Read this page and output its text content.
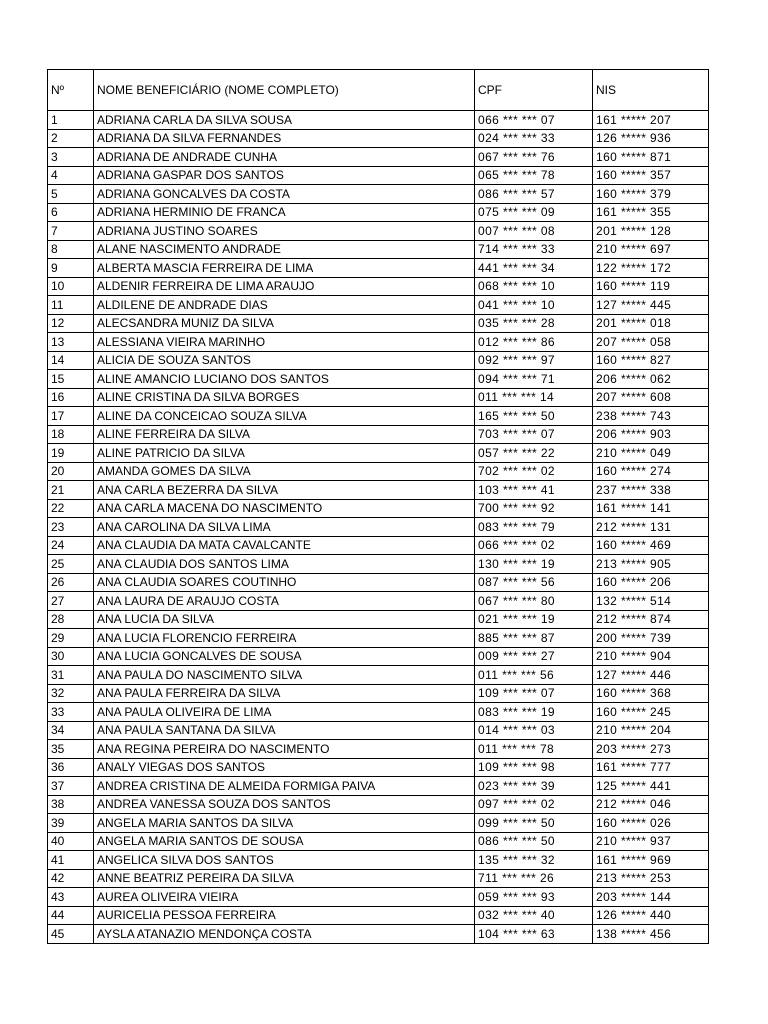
Nº	NOME BENEFICIÁRIO (NOME COMPLETO)	CPF	NIS
1	ADRIANA CARLA DA SILVA SOUSA	066 *** *** 07	161 ***** 207
2	ADRIANA DA SILVA FERNANDES	024 *** *** 33	126 ***** 936
3	ADRIANA DE ANDRADE CUNHA	067 *** *** 76	160 ***** 871
4	ADRIANA GASPAR DOS SANTOS	065 *** *** 78	160 ***** 357
5	ADRIANA GONCALVES DA COSTA	086 *** *** 57	160 ***** 379
6	ADRIANA HERMINIO DE FRANCA	075 *** *** 09	161 ***** 355
7	ADRIANA JUSTINO SOARES	007 *** *** 08	201 ***** 128
8	ALANE NASCIMENTO ANDRADE	714 *** *** 33	210 ***** 697
9	ALBERTA MASCIA FERREIRA DE LIMA	441 *** *** 34	122 ***** 172
10	ALDENIR FERREIRA DE LIMA ARAUJO	068 *** *** 10	160 ***** 119
11	ALDILENE DE ANDRADE DIAS	041 *** *** 10	127 ***** 445
12	ALECSANDRA MUNIZ DA SILVA	035 *** *** 28	201 ***** 018
13	ALESSIANA VIEIRA MARINHO	012 *** *** 86	207 ***** 058
14	ALICIA DE SOUZA SANTOS	092 *** *** 97	160 ***** 827
15	ALINE AMANCIO LUCIANO DOS SANTOS	094 *** *** 71	206 ***** 062
16	ALINE CRISTINA DA SILVA BORGES	011 *** *** 14	207 ***** 608
17	ALINE DA CONCEICAO SOUZA SILVA	165 *** *** 50	238 ***** 743
18	ALINE FERREIRA DA SILVA	703 *** *** 07	206 ***** 903
19	ALINE PATRICIO DA SILVA	057 *** *** 22	210 ***** 049
20	AMANDA GOMES DA SILVA	702 *** *** 02	160 ***** 274
21	ANA CARLA BEZERRA DA SILVA	103 *** *** 41	237 ***** 338
22	ANA CARLA MACENA DO NASCIMENTO	700 *** *** 92	161 ***** 141
23	ANA CAROLINA DA SILVA LIMA	083 *** *** 79	212 ***** 131
24	ANA CLAUDIA DA MATA CAVALCANTE	066 *** *** 02	160 ***** 469
25	ANA CLAUDIA DOS SANTOS LIMA	130 *** *** 19	213 ***** 905
26	ANA CLAUDIA SOARES COUTINHO	087 *** *** 56	160 ***** 206
27	ANA LAURA DE ARAUJO COSTA	067 *** *** 80	132 ***** 514
28	ANA LUCIA DA SILVA	021 *** *** 19	212 ***** 874
29	ANA LUCIA FLORENCIO FERREIRA	885 *** *** 87	200 ***** 739
30	ANA LUCIA GONCALVES DE SOUSA	009 *** *** 27	210 ***** 904
31	ANA PAULA DO NASCIMENTO SILVA	011 *** *** 56	127 ***** 446
32	ANA PAULA FERREIRA DA SILVA	109 *** *** 07	160 ***** 368
33	ANA PAULA OLIVEIRA DE LIMA	083 *** *** 19	160 ***** 245
34	ANA PAULA SANTANA DA SILVA	014 *** *** 03	210 ***** 204
35	ANA REGINA PEREIRA DO NASCIMENTO	011 *** *** 78	203 ***** 273
36	ANALY VIEGAS DOS SANTOS	109 *** *** 98	161 ***** 777
37	ANDREA CRISTINA DE ALMEIDA FORMIGA PAIVA	023 *** *** 39	125 ***** 441
38	ANDREA VANESSA SOUZA DOS SANTOS	097 *** *** 02	212 ***** 046
39	ANGELA MARIA SANTOS DA SILVA	099 *** *** 50	160 ***** 026
40	ANGELA MARIA SANTOS DE SOUSA	086 *** *** 50	210 ***** 937
41	ANGELICA SILVA DOS SANTOS	135 *** *** 32	161 ***** 969
42	ANNE BEATRIZ PEREIRA DA SILVA	711 *** *** 26	213 ***** 253
43	AUREA OLIVEIRA VIEIRA	059 *** *** 93	203 ***** 144
44	AURICELIA PESSOA FERREIRA	032 *** *** 40	126 ***** 440
45	AYSLA ATANAZIO MENDONÇA COSTA	104 *** *** 63	138 ***** 456
